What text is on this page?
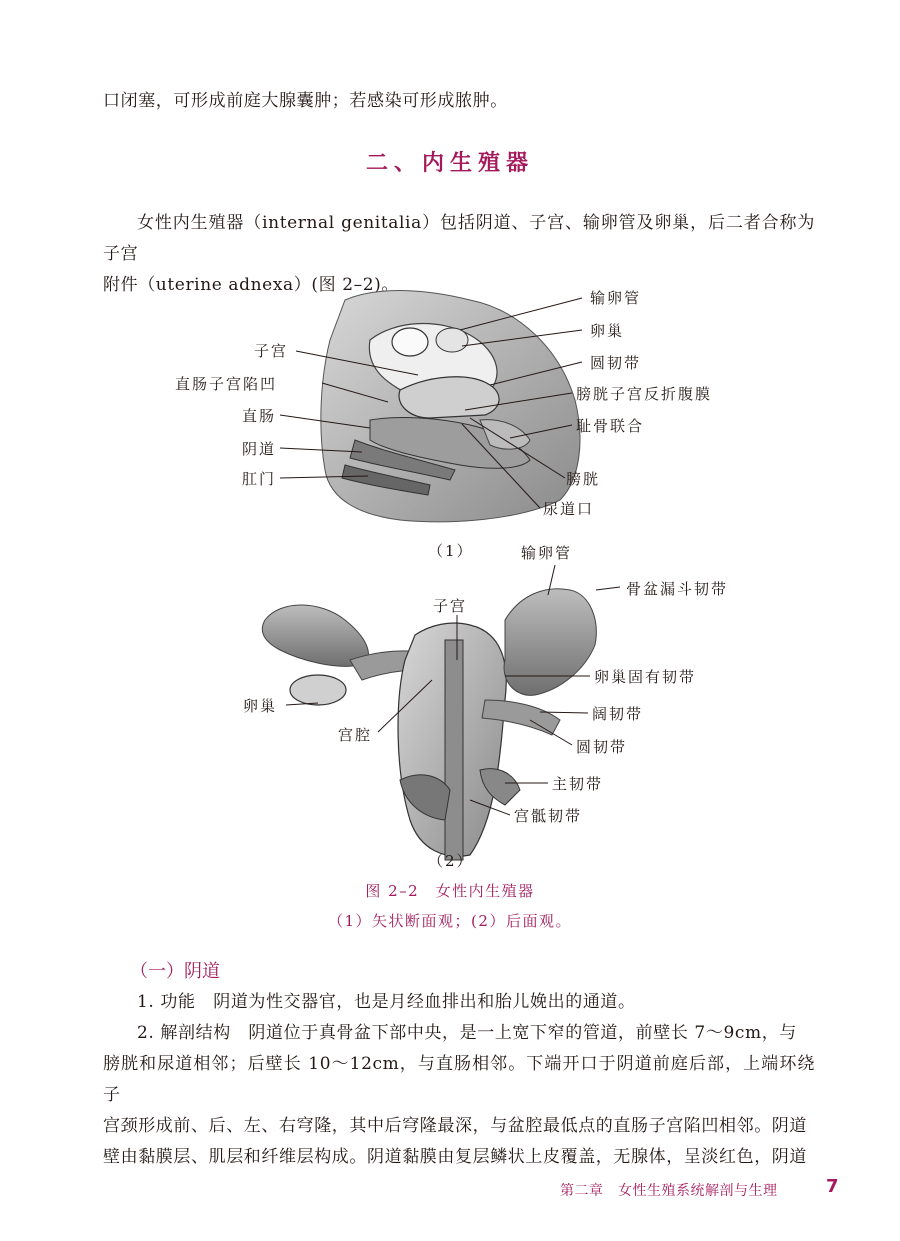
口闭塞，可形成前庭大腺囊肿；若感染可形成脓肿。
二、内生殖器
女性内生殖器（internal genitalia）包括阴道、子宫、输卵管及卵巢，后二者合称为子宫
附件（uterine adnexa）(图 2–2)。
输卵管
卵巢
圆韧带
膀胱子宫反折腹膜
耻骨联合
膀胱
尿道口
子宫
直肠子宫陷凹
直肠
阴道
肛门
（1）	输卵管
骨盆漏斗韧带
子宫
卵巢固有韧带
卵巢
宫腔
阔韧带
圆韧带
主韧带
宫骶韧带
（2）
图 2–2　女性内生殖器
（1）矢状断面观；(2）后面观。
（一）阴道
1. 功能　阴道为性交器官，也是月经血排出和胎儿娩出的通道。
2. 解剖结构　阴道位于真骨盆下部中央，是一上宽下窄的管道，前壁长 7～9cm，与
膀胱和尿道相邻；后壁长 10～12cm，与直肠相邻。下端开口于阴道前庭后部，上端环绕子
宫颈形成前、后、左、右穹隆，其中后穹隆最深，与盆腔最低点的直肠子宫陷凹相邻。阴道
壁由黏膜层、肌层和纤维层构成。阴道黏膜由复层鳞状上皮覆盖，无腺体，呈淡红色，阴道
第二章　女性生殖系统解剖与生理	7
